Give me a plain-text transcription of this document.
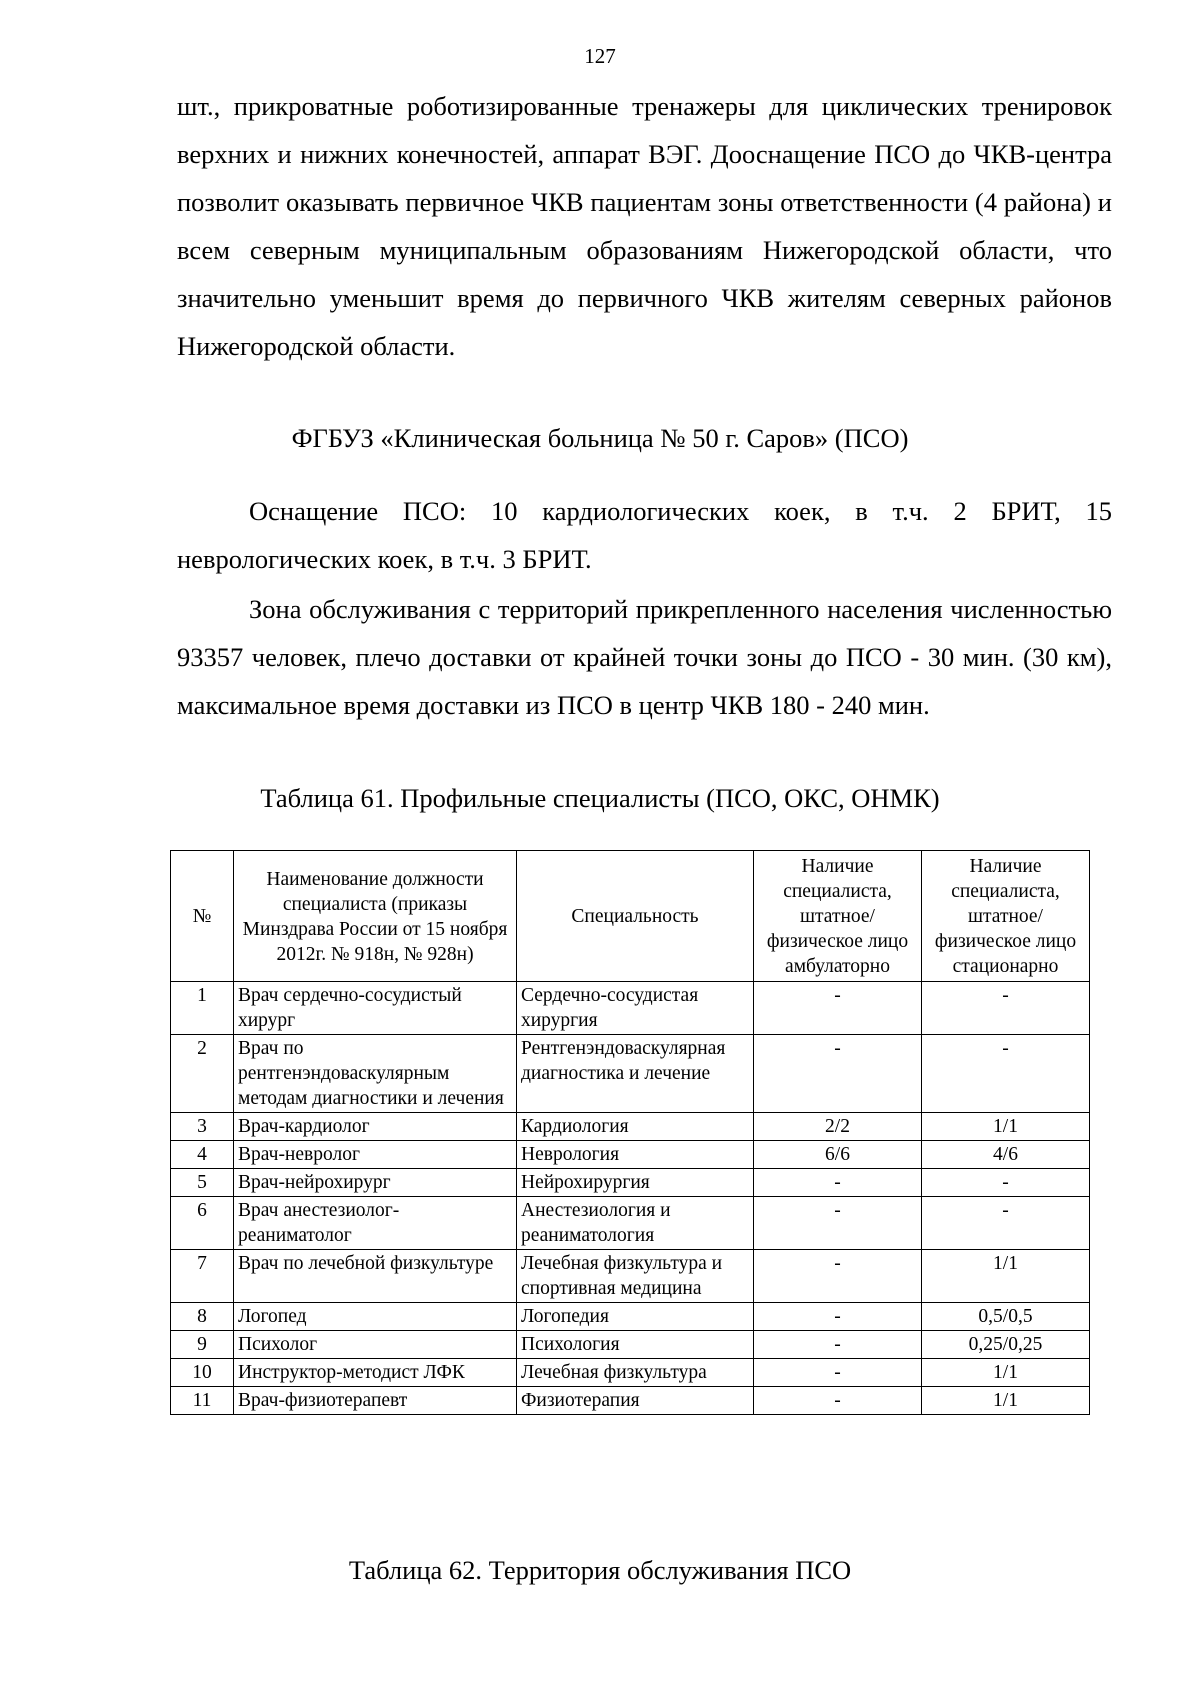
127

шт., прикроватные роботизированные тренажеры для циклических тренировок верхних и нижних конечностей, аппарат ВЭГ. Дооснащение ПСО до ЧКВ-центра позволит оказывать первичное ЧКВ пациентам зоны ответственности (4 района) и всем северным муниципальным образованиям Нижегородской области, что значительно уменьшит время до первичного ЧКВ жителям северных районов Нижегородской области.

ФГБУЗ «Клиническая больница № 50 г. Саров» (ПСО)

Оснащение ПСО: 10 кардиологических коек, в т.ч. 2 БРИТ, 15 неврологических коек, в т.ч. 3 БРИТ.

Зона обслуживания с территорий прикрепленного населения численностью 93357 человек, плечо доставки от крайней точки зоны до ПСО - 30 мин. (30 км), максимальное время доставки из ПСО в центр ЧКВ 180 - 240 мин.

Таблица 61. Профильные специалисты (ПСО, ОКС, ОНМК)

№	Наименование должности специалиста (приказы Минздрава России от 15 ноября 2012г. № 918н, № 928н)	Специальность	Наличие специалиста, штатное/физическое лицо амбулаторно	Наличие специалиста, штатное/физическое лицо стационарно
1	Врач сердечно-сосудистый хирург	Сердечно-сосудистая хирургия	-	-
2	Врач по рентгенэндоваскулярным методам диагностики и лечения	Рентгенэндоваскулярная диагностика и лечение	-	-
3	Врач-кардиолог	Кардиология	2/2	1/1
4	Врач-невролог	Неврология	6/6	4/6
5	Врач-нейрохирург	Нейрохирургия	-	-
6	Врач анестезиолог-реаниматолог	Анестезиология и реаниматология	-	-
7	Врач по лечебной физкультуре	Лечебная физкультура и спортивная медицина	-	1/1
8	Логопед	Логопедия	-	0,5/0,5
9	Психолог	Психология	-	0,25/0,25
10	Инструктор-методист ЛФК	Лечебная физкультура	-	1/1
11	Врач-физиотерапевт	Физиотерапия	-	1/1

Таблица 62. Территория обслуживания ПСО
